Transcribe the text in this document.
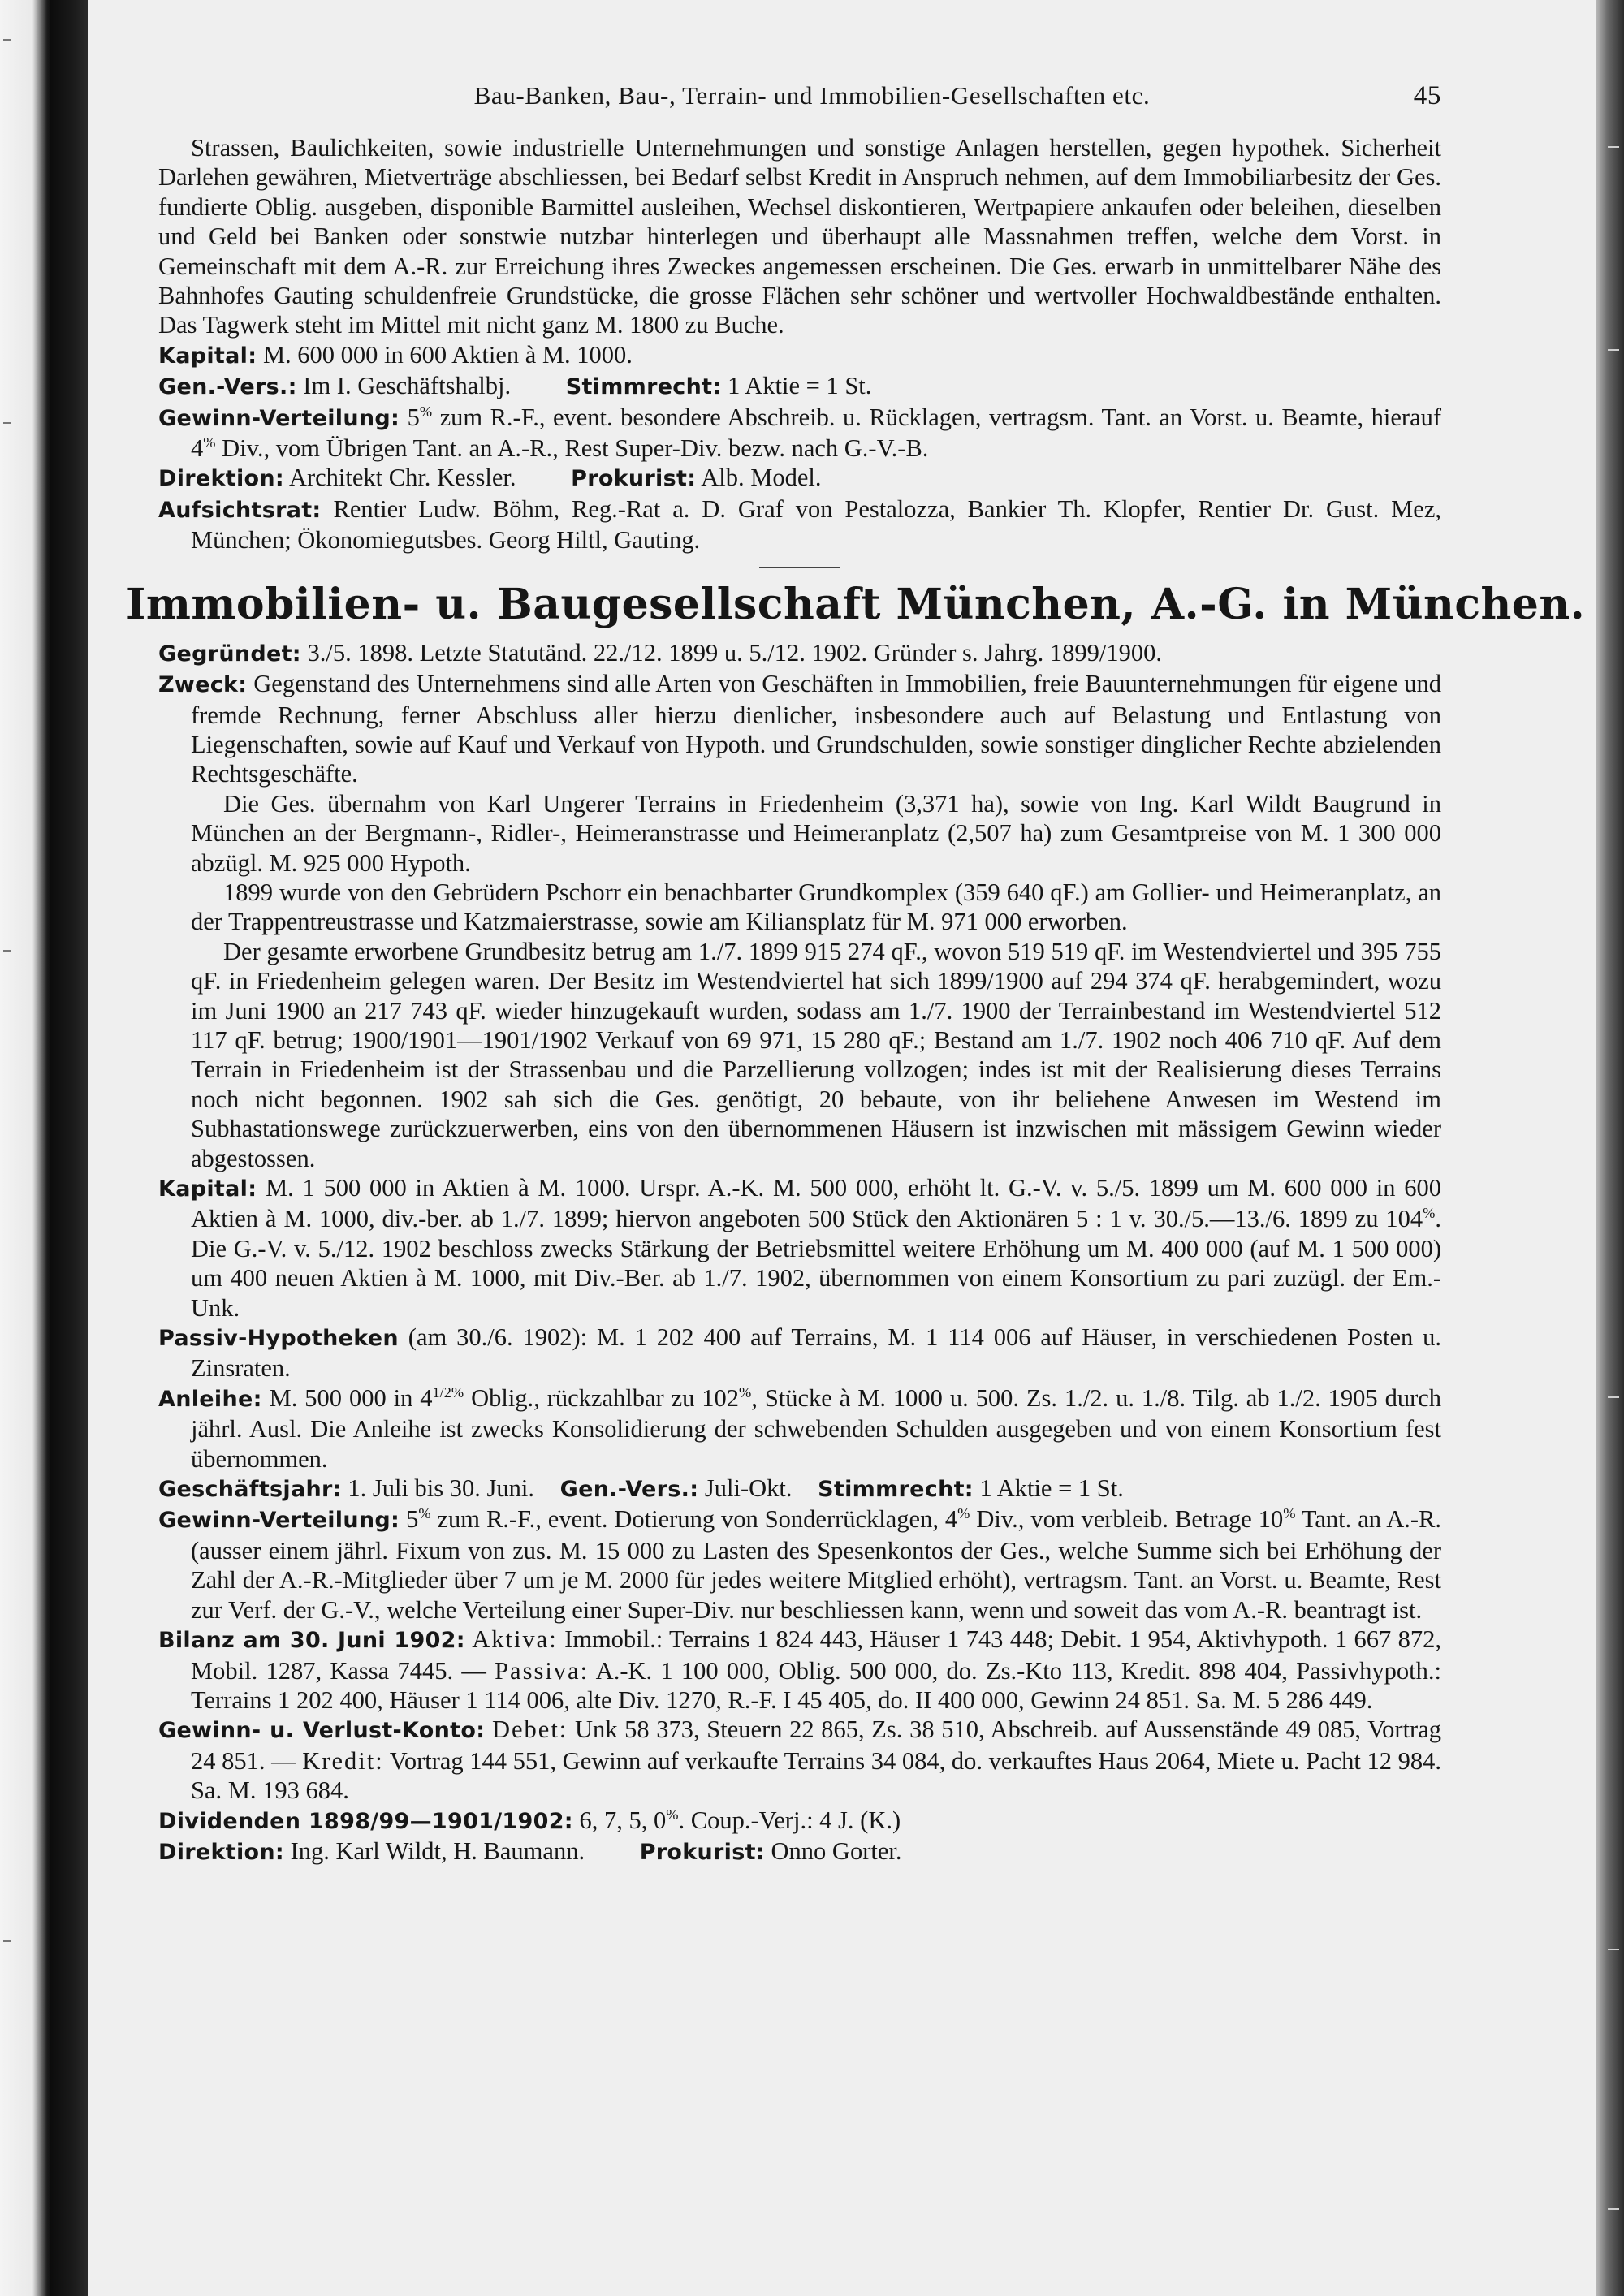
Bau-Banken, Bau-, Terrain- und Immobilien-Gesellschaften etc.	45

Strassen, Baulichkeiten, sowie industrielle Unternehmungen und sonstige Anlagen herstellen, gegen hypothek. Sicherheit Darlehen gewähren, Mietverträge abschliessen, bei Bedarf selbst Kredit in Anspruch nehmen, auf dem Immobiliarbesitz der Ges. fundierte Oblig. ausgeben, disponible Barmittel ausleihen, Wechsel diskontieren, Wertpapiere ankaufen oder beleihen, dieselben und Geld bei Banken oder sonstwie nutzbar hinterlegen und überhaupt alle Massnahmen treffen, welche dem Vorst. in Gemeinschaft mit dem A.-R. zur Erreichung ihres Zweckes angemessen erscheinen. Die Ges. erwarb in unmittelbarer Nähe des Bahnhofes Gauting schuldenfreie Grundstücke, die grosse Flächen sehr schöner und wertvoller Hochwaldbestände enthalten. Das Tagwerk steht im Mittel mit nicht ganz M. 1800 zu Buche.

Kapital: M. 600 000 in 600 Aktien à M. 1000.

Gen.-Vers.: Im I. Geschäftshalbj.	Stimmrecht: 1 Aktie = 1 St.

Gewinn-Verteilung: 5% zum R.-F., event. besondere Abschreib. u. Rücklagen, vertragsm. Tant. an Vorst. u. Beamte, hierauf 4% Div., vom Übrigen Tant. an A.-R., Rest Super-Div. bezw. nach G.-V.-B.

Direktion: Architekt Chr. Kessler.	Prokurist: Alb. Model.

Aufsichtsrat: Rentier Ludw. Böhm, Reg.-Rat a. D. Graf von Pestalozza, Bankier Th. Klopfer, Rentier Dr. Gust. Mez, München; Ökonomiegutsbes. Georg Hiltl, Gauting.

Immobilien- u. Baugesellschaft München, A.-G. in München.

Gegründet: 3./5. 1898. Letzte Statutänd. 22./12. 1899 u. 5./12. 1902. Gründer s. Jahrg. 1899/1900.

Zweck: Gegenstand des Unternehmens sind alle Arten von Geschäften in Immobilien, freie Bauunternehmungen für eigene und fremde Rechnung, ferner Abschluss aller hierzu dienlicher, insbesondere auch auf Belastung und Entlastung von Liegenschaften, sowie auf Kauf und Verkauf von Hypoth. und Grundschulden, sowie sonstiger dinglicher Rechte abzielenden Rechtsgeschäfte.

Die Ges. übernahm von Karl Ungerer Terrains in Friedenheim (3,371 ha), sowie von Ing. Karl Wildt Baugrund in München an der Bergmann-, Ridler-, Heimeranstrasse und Heimeranplatz (2,507 ha) zum Gesamtpreise von M. 1 300 000 abzügl. M. 925 000 Hypoth.

1899 wurde von den Gebrüdern Pschorr ein benachbarter Grundkomplex (359 640 qF.) am Gollier- und Heimeranplatz, an der Trappentreustrasse und Katzmaierstrasse, sowie am Kiliansplatz für M. 971 000 erworben.

Der gesamte erworbene Grundbesitz betrug am 1./7. 1899 915 274 qF., wovon 519 519 qF. im Westendviertel und 395 755 qF. in Friedenheim gelegen waren. Der Besitz im Westendviertel hat sich 1899/1900 auf 294 374 qF. herabgemindert, wozu im Juni 1900 an 217 743 qF. wieder hinzugekauft wurden, sodass am 1./7. 1900 der Terrainbestand im Westendviertel 512 117 qF. betrug; 1900/1901—1901/1902 Verkauf von 69 971, 15 280 qF.; Bestand am 1./7. 1902 noch 406 710 qF. Auf dem Terrain in Friedenheim ist der Strassenbau und die Parzellierung vollzogen; indes ist mit der Realisierung dieses Terrains noch nicht begonnen. 1902 sah sich die Ges. genötigt, 20 bebaute, von ihr beliehene Anwesen im Westend im Subhastationswege zurückzuerwerben, eins von den übernommenen Häusern ist inzwischen mit mässigem Gewinn wieder abgestossen.

Kapital: M. 1 500 000 in Aktien à M. 1000. Urspr. A.-K. M. 500 000, erhöht lt. G.-V. v. 5./5. 1899 um M. 600 000 in 600 Aktien à M. 1000, div.-ber. ab 1./7. 1899; hiervon angeboten 500 Stück den Aktionären 5 : 1 v. 30./5.—13./6. 1899 zu 104%. Die G.-V. v. 5./12. 1902 beschloss zwecks Stärkung der Betriebsmittel weitere Erhöhung um M. 400 000 (auf M. 1 500 000) um 400 neuen Aktien à M. 1000, mit Div.-Ber. ab 1./7. 1902, übernommen von einem Konsortium zu pari zuzügl. der Em.-Unk.

Passiv-Hypotheken (am 30./6. 1902): M. 1 202 400 auf Terrains, M. 1 114 006 auf Häuser, in verschiedenen Posten u. Zinsraten.

Anleihe: M. 500 000 in $4^{1/2\%}$ Oblig., rückzahlbar zu 102%, Stücke à M. 1000 u. 500. Zs. 1./2. u. 1./8. Tilg. ab 1./2. 1905 durch jährl. Ausl. Die Anleihe ist zwecks Konsolidierung der schwebenden Schulden ausgegeben und von einem Konsortium fest übernommen.

Geschäftsjahr: 1. Juli bis 30. Juni. Gen.-Vers.: Juli-Okt. Stimmrecht: 1 Aktie = 1 St.

Gewinn-Verteilung: 5% zum R.-F., event. Dotierung von Sonderrücklagen, 4% Div., vom verbleib. Betrage 10% Tant. an A.-R. (ausser einem jährl. Fixum von zus. M. 15 000 zu Lasten des Spesenkontos der Ges., welche Summe sich bei Erhöhung der Zahl der A.-R.-Mitglieder über 7 um je M. 2000 für jedes weitere Mitglied erhöht), vertragsm. Tant. an Vorst. u. Beamte, Rest zur Verf. der G.-V., welche Verteilung einer Super-Div. nur beschliessen kann, wenn und soweit das vom A.-R. beantragt ist.

Bilanz am 30. Juni 1902: Aktiva: Immobil.: Terrains 1 824 443, Häuser 1 743 448; Debit. 1 954, Aktivhypoth. 1 667 872, Mobil. 1287, Kassa 7445. — Passiva: A.-K. 1 100 000, Oblig. 500 000, do. Zs.-Kto 113, Kredit. 898 404, Passivhypoth.: Terrains 1 202 400, Häuser 1 114 006, alte Div. 1270, R.-F. I 45 405, do. II 400 000, Gewinn 24 851. Sa. M. 5 286 449.

Gewinn- u. Verlust-Konto: Debet: Unk 58 373, Steuern 22 865, Zs. 38 510, Abschreib. auf Aussenstände 49 085, Vortrag 24 851. — Kredit: Vortrag 144 551, Gewinn auf verkaufte Terrains 34 084, do. verkauftes Haus 2064, Miete u. Pacht 12 984. Sa. M. 193 684.

Dividenden 1898/99—1901/1902: 6, 7, 5, 0%. Coup.-Verj.: 4 J. (K.)

Direktion: Ing. Karl Wildt, H. Baumann.	Prokurist: Onno Gorter.
